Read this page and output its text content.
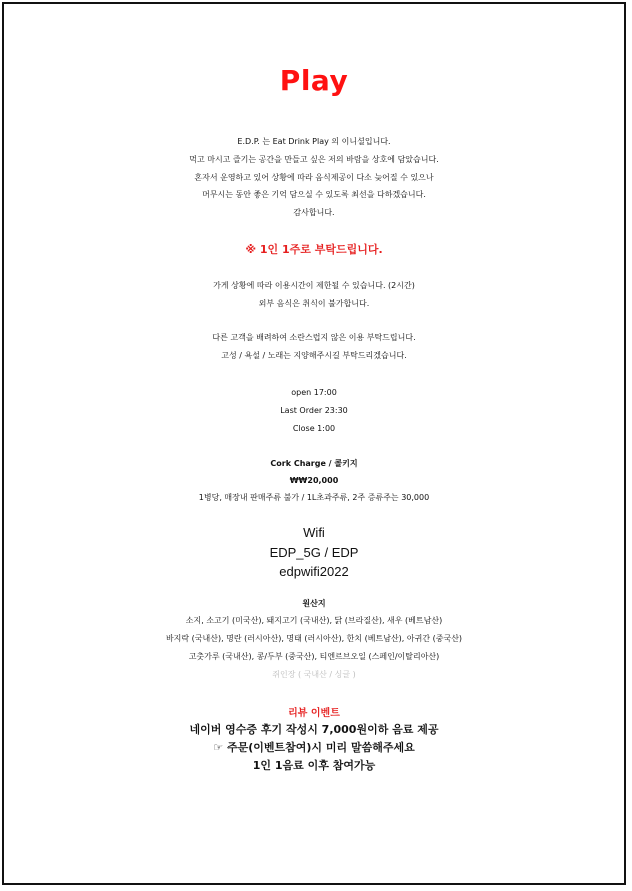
Play
E.D.P. 는 Eat Drink Play 의 이니셜입니다.
먹고 마시고 즐기는 공간을 만들고 싶은 저의 바람을 상호에 담았습니다.
혼자서 운영하고 있어 상황에 따라 음식제공이 다소 늦어질 수 있으나
머무시는 동안 좋은 기억 담으실 수 있도록 최선을 다하겠습니다.
감사합니다.
※ 1인 1주로 부탁드립니다.
가게 상황에 따라 이용시간이 제한될 수 있습니다. (2시간)
외부 음식은 취식이 불가합니다.
다른 고객을 배려하여 소란스럽지 않은 이용 부탁드립니다.
고성 / 욕설 / 노래는 지양해주시길 부탁드리겠습니다.
open 17:00
Last Order 23:30
Close 1:00
Cork Charge / 콜키지
₩₩20,000
1병당, 매장내 판매주류 불가 / 1L초과주류, 2주 증류주는 30,000
Wifi
EDP_5G / EDP
edpwifi2022
원산지
소지, 소고기 (미국산), 돼지고기 (국내산), 닭 (브라질산), 새우 (베트남산)
바지락 (국내산), 명란 (러시아산), 명태 (러시아산), 한치 (베트남산), 아귀간 (중국산)
고춧가루 (국내산), 콩/두부 (중국산), 티엔르브오일 (스페인/이탈리아산)
쥐인장 ( 국내산 / 싱글 )
리뷰 이벤트
네이버 영수증 후기 작성시 7,000원이하 음료 제공
☞ 주문(이벤트참여)시 미리 말씀해주세요
1인 1음료 이후 참여가능
